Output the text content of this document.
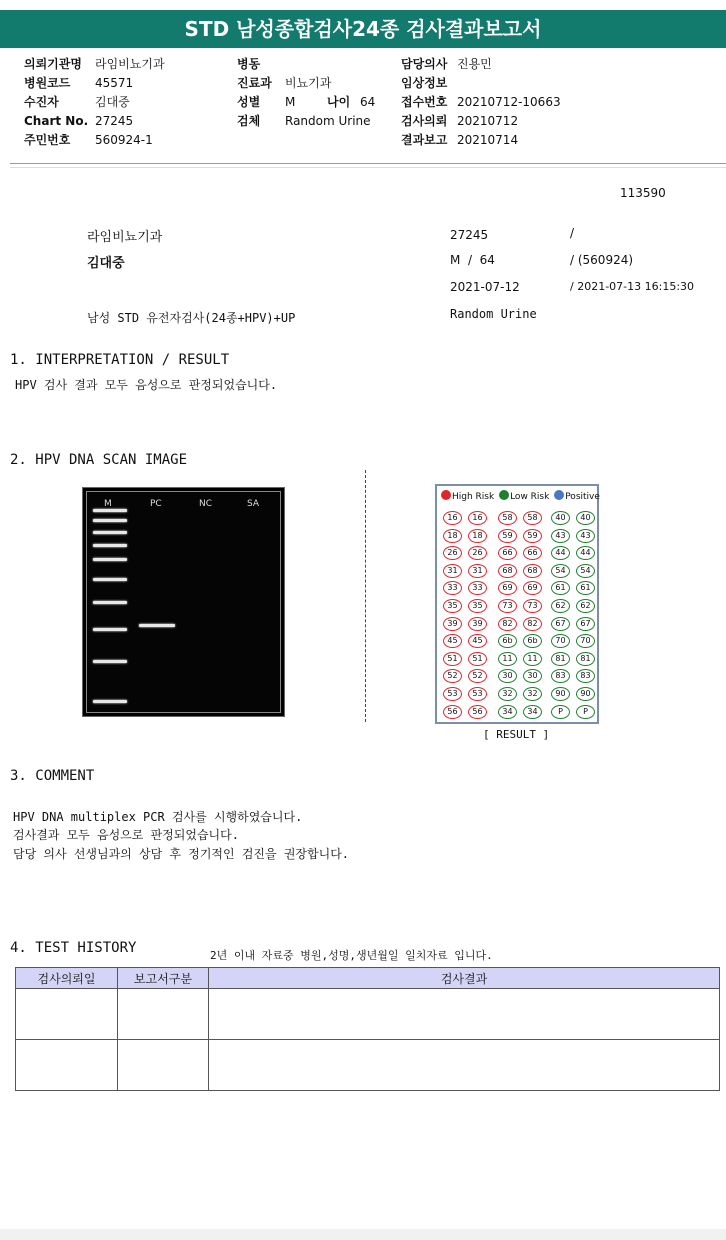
STD 남성종합검사24종 검사결과보고서
의뢰기관명 라임비뇨기과
병원코드 45571
수진자	김대중
Chart No. 27245
주민번호 560924-1
병동
진료과 비뇨기과
성별 M	나이 64
검체 Random Urine
담당의사 진용민
임상정보
접수번호 20210712-10663
검사의뢰 20210712
결과보고 20210714
113590
라임비뇨기과	27245	/
김대중	M  /  64	/ (560924)
2021-07-12	/ 2021-07-13 16:15:30
남성 STD 유전자검사(24종+HPV)+UP	Random Urine
1. INTERPRETATION / RESULT
HPV 검사 결과 모두 음성으로 판정되었습니다.
2. HPV DNA SCAN IMAGE
M	PC	NC	SA
High Risk Low Risk Positive
16	16	58	58	40	40
18	18	59	59	43	43
26	26	66	66	44	44
31	31	68	68	54	54
33	33	69	69	61	61
35	35	73	73	62	62
39	39	82	82	67	67
45	45	6b	6b	70	70
51	51	11	11	81	81
52	52	30	30	83	83
53	53	32	32	90	90
56	56	34	34	P	P
[ RESULT ]
3. COMMENT
HPV DNA multiplex PCR 검사를 시행하였습니다.
검사결과 모두 음성으로 판정되었습니다.
담당 의사 선생님과의 상담 후 정기적인 검진을 권장합니다.
4. TEST HISTORY	2년 이내 자료중 병원,성명,생년월일 일치자료 입니다.
검사의뢰일	보고서구분	검사결과
